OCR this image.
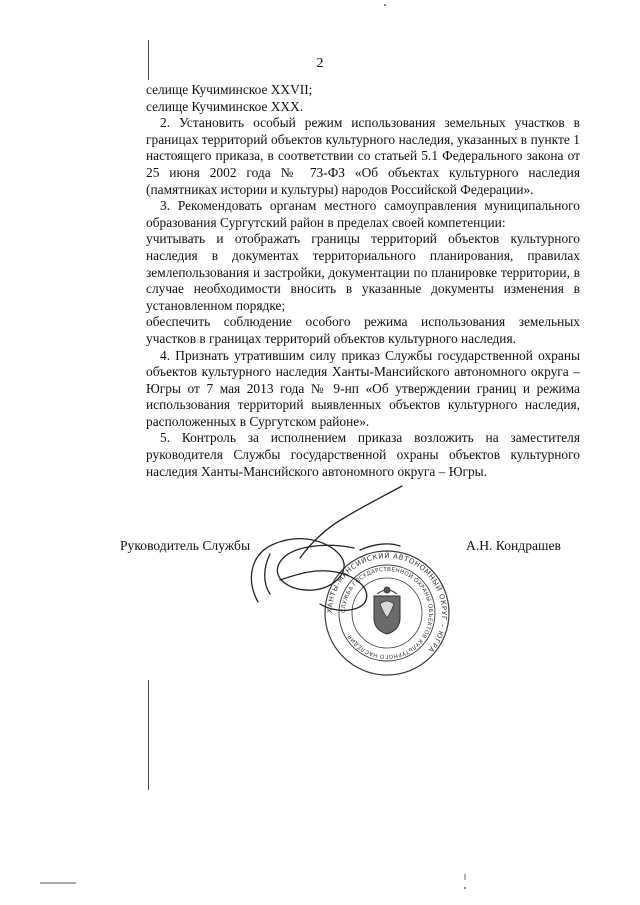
2

селище Кучиминское XXVII;

селище Кучиминское XXX.

2. Установить особый режим использования земельных участков в границах территорий объектов культурного наследия, указанных в пункте 1 настоящего приказа, в соответствии со статьей 5.1 Федерального закона от 25 июня 2002 года № 73-ФЗ «Об объектах культурного наследия (памятниках истории и культуры) народов Российской Федерации».

3. Рекомендовать органам местного самоуправления муниципального образования Сургутский район в пределах своей компетенции:

учитывать и отображать границы территорий объектов культурного наследия в документах территориального планирования, правилах землепользования и застройки, документации по планировке территории, в случае необходимости вносить в указанные документы изменения в установленном порядке;

обеспечить соблюдение особого режима использования земельных участков в границах территорий объектов культурного наследия.

4. Признать утратившим силу приказ Службы государственной охраны объектов культурного наследия Ханты-Мансийского автономного округа – Югры от 7 мая 2013 года № 9-нп «Об утверждении границ и режима использования территорий выявленных объектов культурного наследия, расположенных в Сургутском районе».

5. Контроль за исполнением приказа возложить на заместителя руководителя Службы государственной охраны объектов культурного наследия Ханты-Мансийского автономного округа – Югры.

Руководитель Службы	А.Н. Кондрашев
ХАНТЫ-МАНСИЙСКИЙ АВТОНОМНЫЙ ОКРУГ – ЮГРА
СЛУЖБА ГОСУДАРСТВЕННОЙ ОХРАНЫ ОБЪЕКТОВ КУЛЬТУРНОГО НАСЛЕДИЯ
